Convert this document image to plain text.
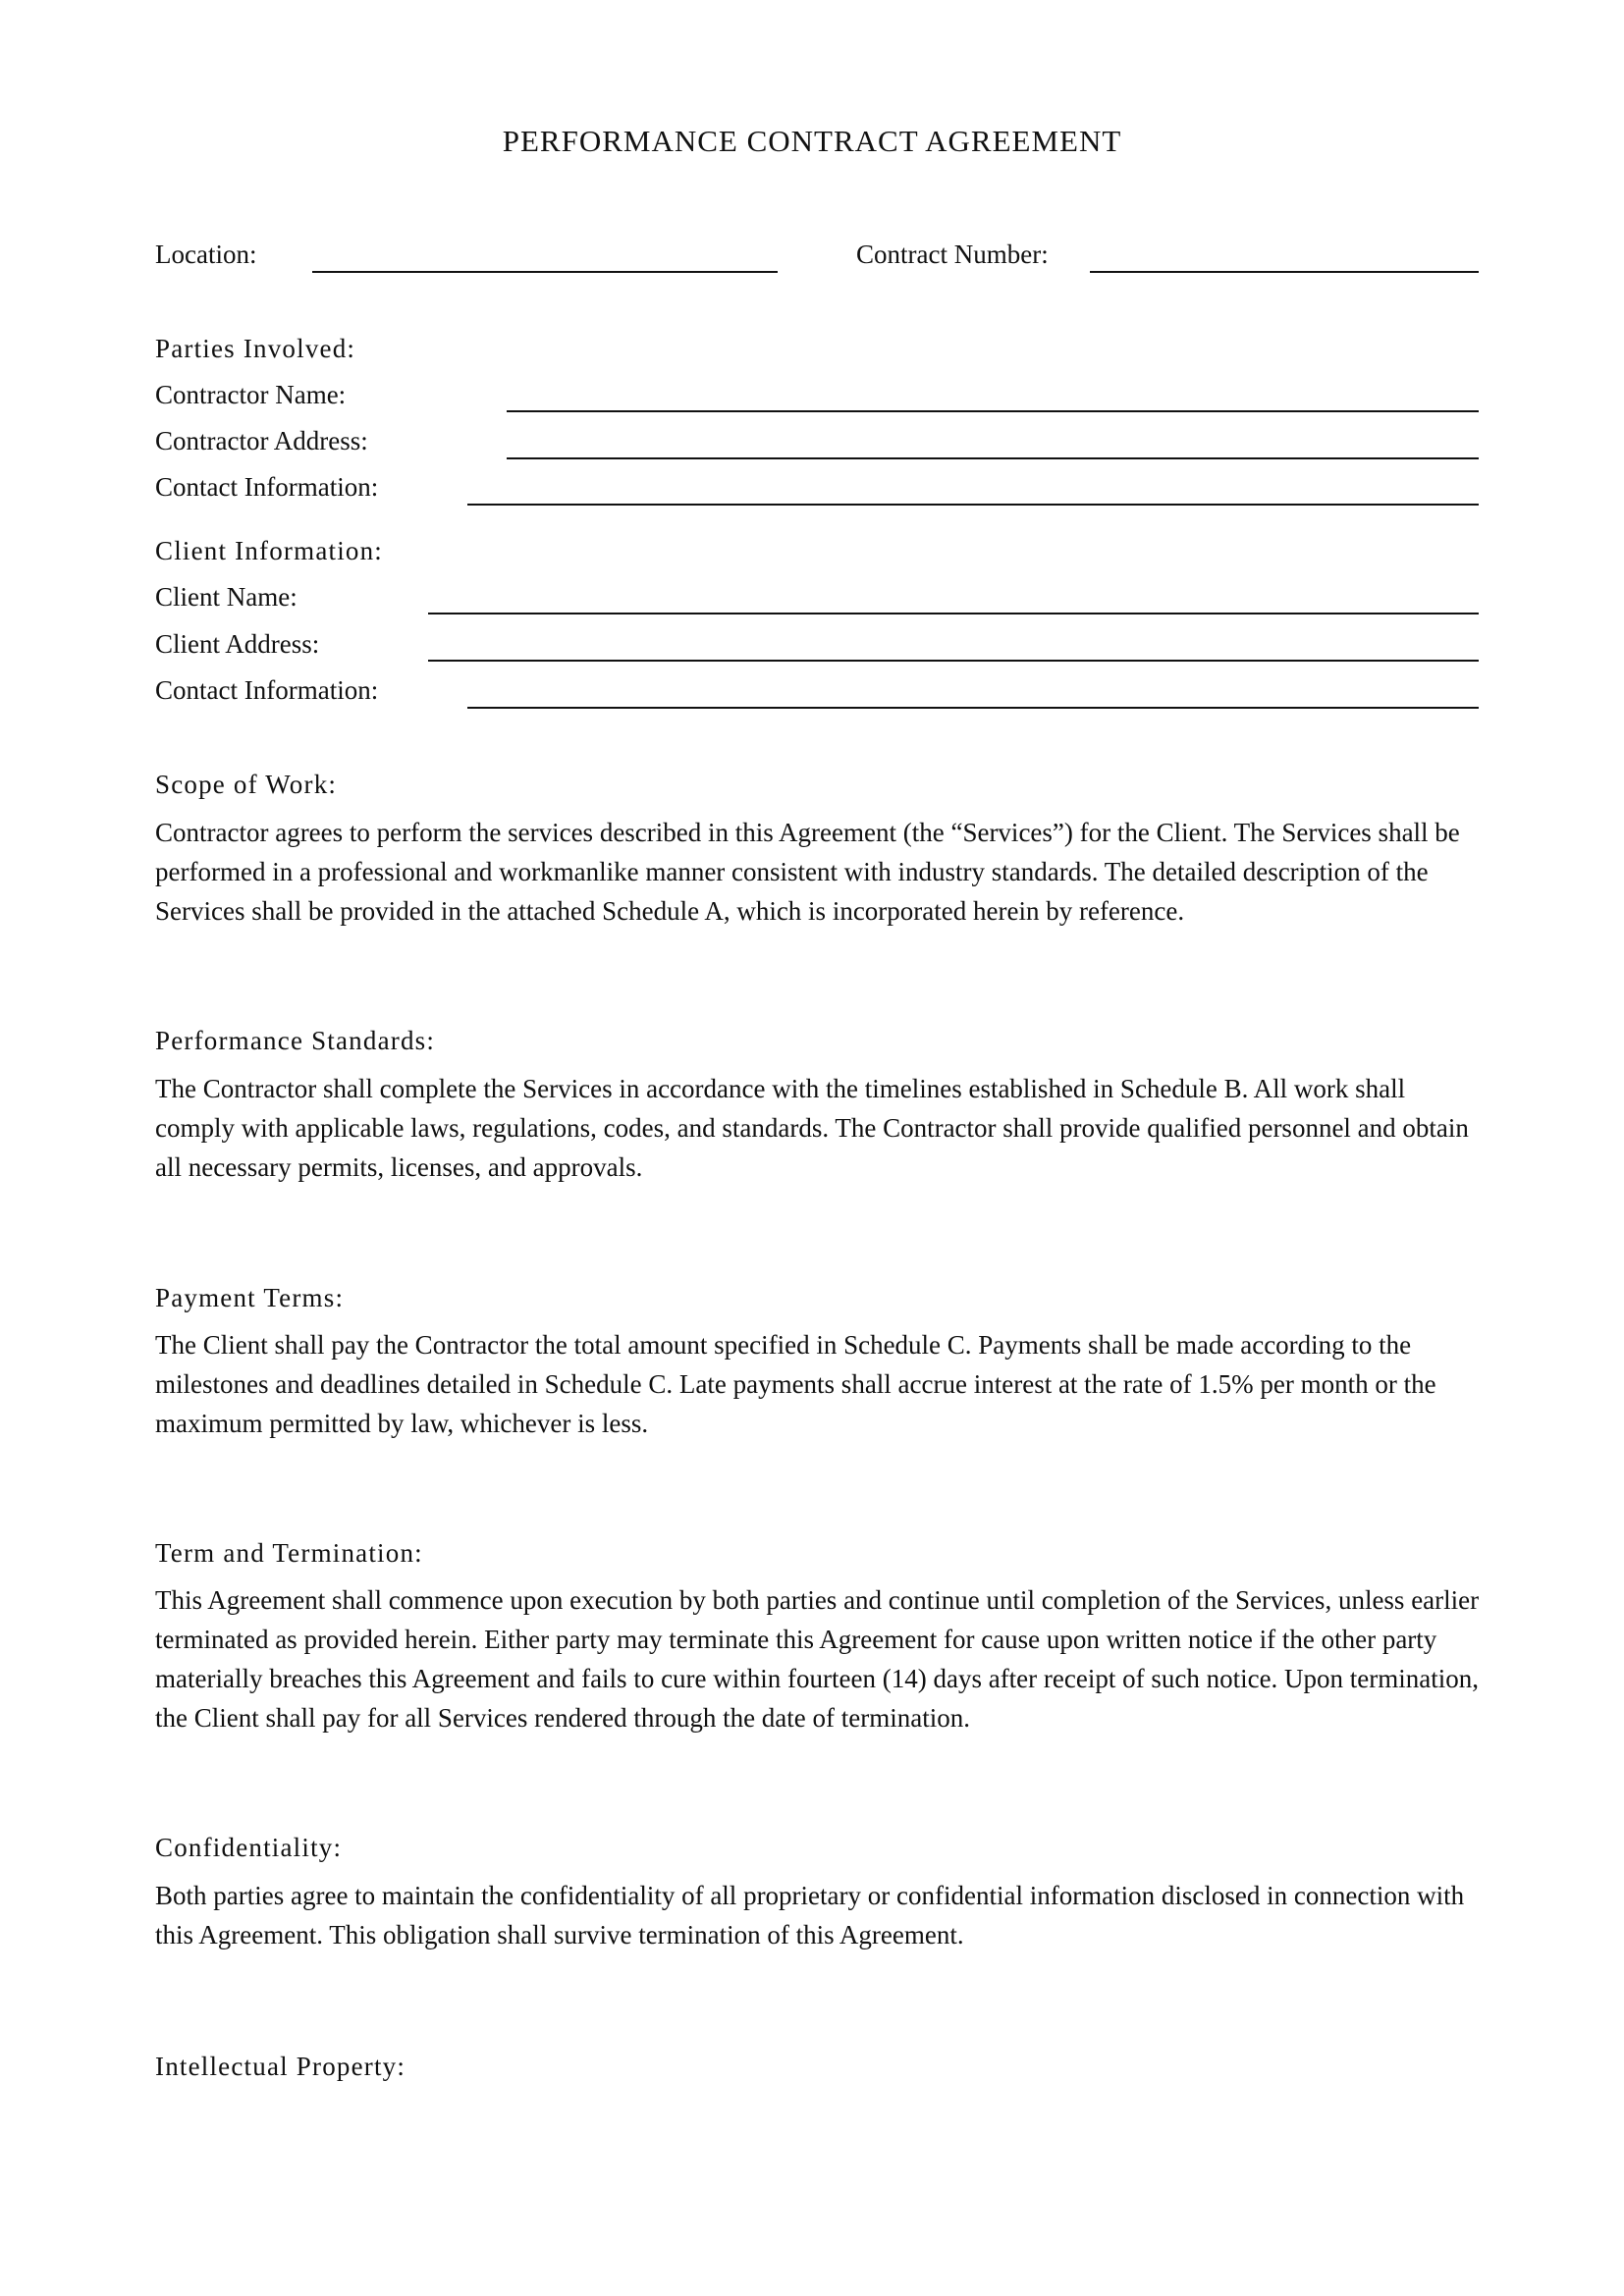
PERFORMANCE CONTRACT AGREEMENT
Location:	Contract Number:
Parties Involved:
Contractor Name:
Contractor Address:
Contact Information:
Client Information:
Client Name:
Client Address:
Contact Information:
Scope of Work:
Contractor agrees to perform the services described in this Agreement (the “Services”) for the Client. The Services shall be performed in a professional and workmanlike manner consistent with industry standards. The detailed description of the Services shall be provided in the attached Schedule A, which is incorporated herein by reference.
Performance Standards:
The Contractor shall complete the Services in accordance with the timelines established in Schedule B. All work shall comply with applicable laws, regulations, codes, and standards. The Contractor shall provide qualified personnel and obtain all necessary permits, licenses, and approvals.
Payment Terms:
The Client shall pay the Contractor the total amount specified in Schedule C. Payments shall be made according to the milestones and deadlines detailed in Schedule C. Late payments shall accrue interest at the rate of 1.5% per month or the maximum permitted by law, whichever is less.
Term and Termination:
This Agreement shall commence upon execution by both parties and continue until completion of the Services, unless earlier terminated as provided herein. Either party may terminate this Agreement for cause upon written notice if the other party materially breaches this Agreement and fails to cure within fourteen (14) days after receipt of such notice. Upon termination, the Client shall pay for all Services rendered through the date of termination.
Confidentiality:
Both parties agree to maintain the confidentiality of all proprietary or confidential information disclosed in connection with this Agreement. This obligation shall survive termination of this Agreement.
Intellectual Property:
